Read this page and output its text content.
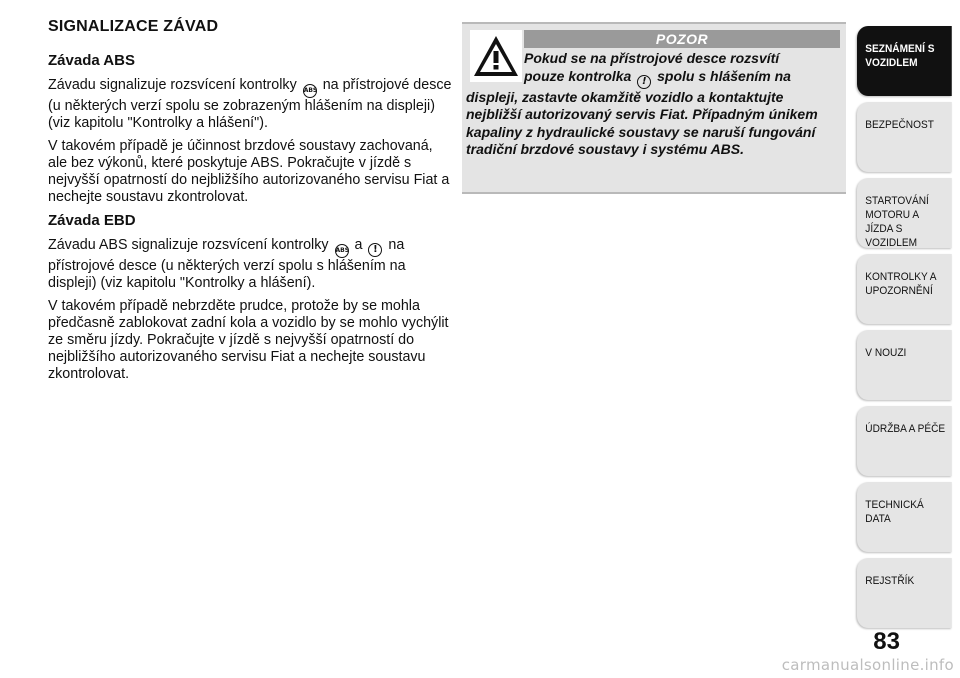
SIGNALIZACE ZÁVAD
Závada ABS

Závadu signalizuje rozsvícení kontrolky ABS na přístrojové desce (u některých verzí spolu se zobrazeným hlášením na displeji) (viz kapitolu "Kontrolky a hlášení").

V takovém případě je účinnost brzdové soustavy zachovaná, ale bez výkonů, které poskytuje ABS. Pokračujte v jízdě s nejvyšší opatrností do nejbližšího autorizovaného servisu Fiat a nechejte soustavu zkontrolovat.

Závada EBD

Závadu ABS signalizuje rozsvícení kontrolky ABS a ! na přístrojové desce (u některých verzí spolu s hlášením na displeji) (viz kapitolu "Kontrolky a hlášení).

V takovém případě nebrzděte prudce, protože by se mohla předčasně zablokovat zadní kola a vozidlo by se mohlo vychýlit ze směru jízdy. Pokračujte v jízdě s nejvyšší opatrností do nejbližšího autorizovaného servisu Fiat a nechejte soustavu zkontrolovat.

POZOR
Pokud se na přístrojové desce rozsvítí
pouze kontrolka ! spolu s hlášením na
displeji, zastavte okamžitě vozidlo a kontaktujte nejbližší autorizovaný servis Fiat. Případným únikem kapaliny z hydraulické soustavy se naruší fungování tradiční brzdové soustavy i systému ABS.
SEZNÁMENÍ S VOZIDLEM
BEZPEČNOST
STARTOVÁNÍ MOTORU A JÍZDA S VOZIDLEM
KONTROLKY A UPOZORNĚNÍ
V NOUZI
ÚDRŽBA A PÉČE
TECHNICKÁ DATA
REJSTŘÍK
83
carmanualsonline.info
